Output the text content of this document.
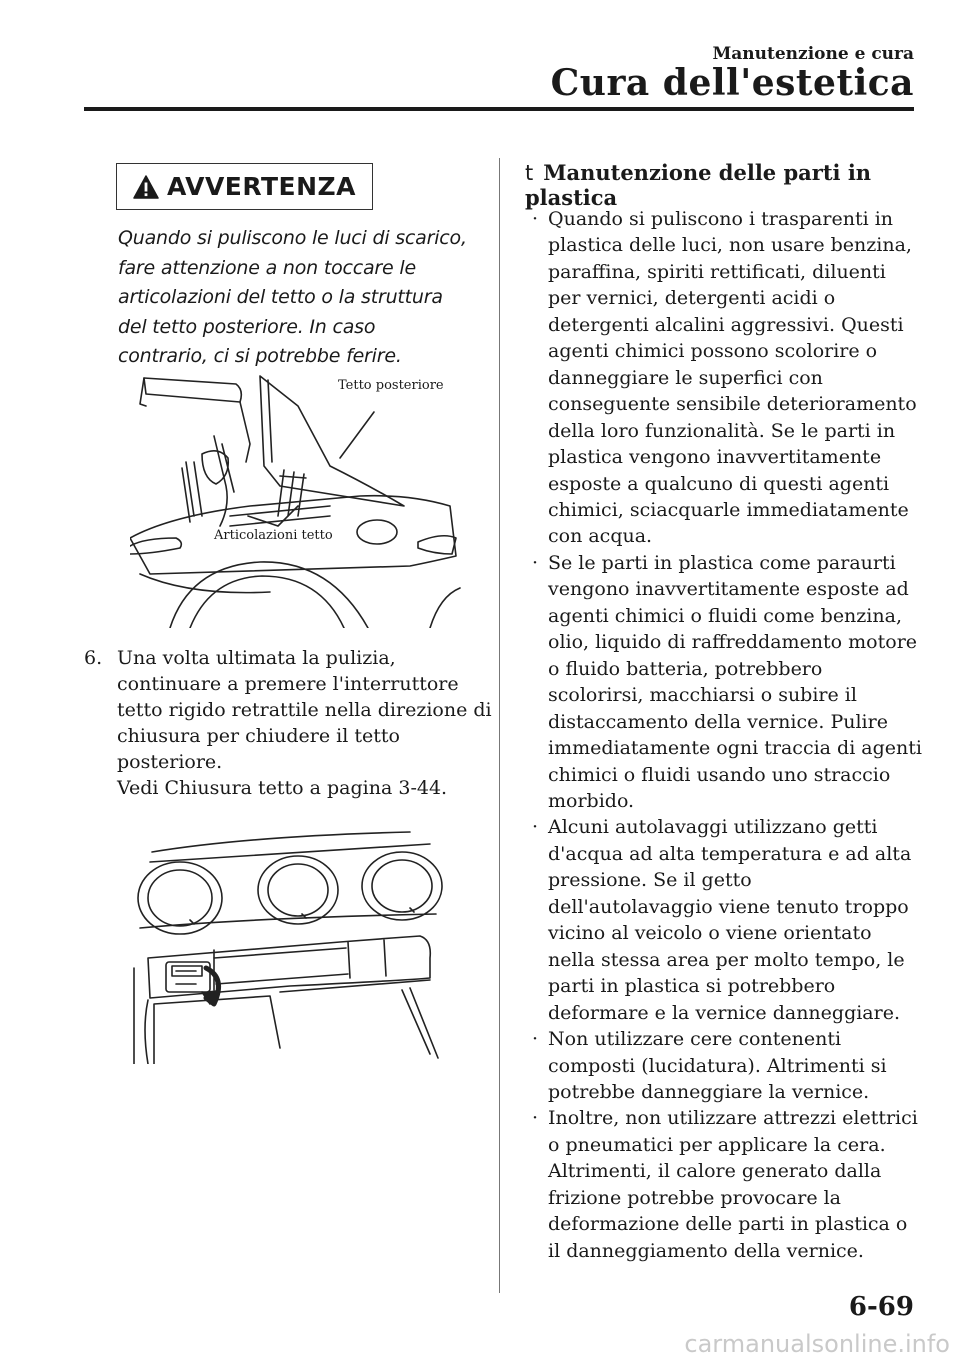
Manutenzione e cura
Cura dell'estetica
AVVERTENZA
Quando si puliscono le luci di scarico, fare attenzione a non toccare le articolazioni del tetto o la struttura del tetto posteriore. In caso contrario, ci si potrebbe ferire.
Tetto posteriore
Articolazioni tetto
6. Una volta ultimata la pulizia, continuare a premere l'interruttore tetto rigido retrattile nella direzione di chiusura per chiudere il tetto posteriore.
Vedi Chiusura tetto a pagina 3-44.
t Manutenzione delle parti in plastica
· Quando si puliscono i trasparenti in plastica delle luci, non usare benzina, paraffina, spiriti rettificati, diluenti per vernici, detergenti acidi o detergenti alcalini aggressivi. Questi agenti chimici possono scolorire o danneggiare le superfici con conseguente sensibile deterioramento della loro funzionalità. Se le parti in plastica vengono inavvertitamente esposte a qualcuno di questi agenti chimici, sciacquarle immediatamente con acqua.
· Se le parti in plastica come paraurti vengono inavvertitamente esposte ad agenti chimici o fluidi come benzina, olio, liquido di raffreddamento motore o fluido batteria, potrebbero scolorirsi, macchiarsi o subire il distaccamento della vernice. Pulire immediatamente ogni traccia di agenti chimici o fluidi usando uno straccio morbido.
· Alcuni autolavaggi utilizzano getti d'acqua ad alta temperatura e ad alta pressione. Se il getto dell'autolavaggio viene tenuto troppo vicino al veicolo o viene orientato nella stessa area per molto tempo, le parti in plastica si potrebbero deformare e la vernice danneggiare.
· Non utilizzare cere contenenti composti (lucidatura). Altrimenti si potrebbe danneggiare la vernice.
· Inoltre, non utilizzare attrezzi elettrici o pneumatici per applicare la cera. Altrimenti, il calore generato dalla frizione potrebbe provocare la deformazione delle parti in plastica o il danneggiamento della vernice.
6-69
carmanualsonline.info
